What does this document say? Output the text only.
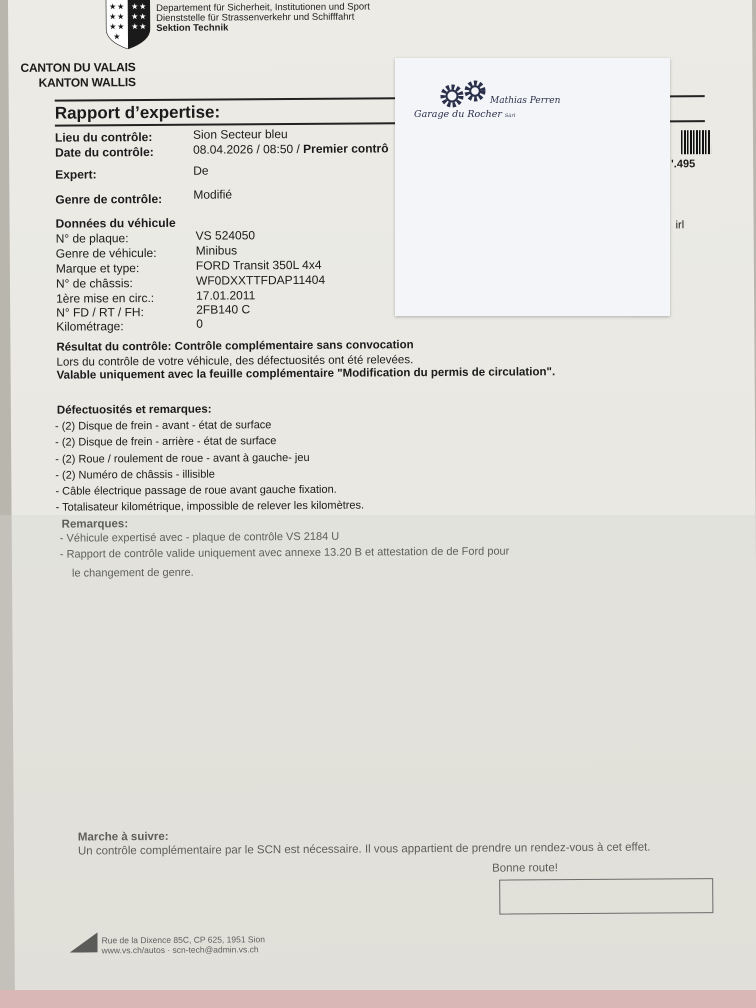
★ ★
★ ★
★ ★
★
★ ★
★ ★
★ ★
Departement für Sicherheit, Institutionen und Sport
Dienststelle für Strassenverkehr und Schifffahrt
Sektion Technik
CANTON DU VALAIS
KANTON WALLIS
Rapport d’expertise:
Lieu du contrôle:	Sion Secteur bleu
Date du contrôle:	08.04.2026 / 08:50 / Premier contrô
Expert:	De
Genre de contrôle:	Modifié
'.495
irl
Données du véhicule
N° de plaque:	VS 524050
Genre de véhicule:	Minibus
Marque et type:	FORD Transit 350L 4x4
N° de châssis:	WF0DXXTTFDAP11404
1ère mise en circ.:	17.01.2011
N° FD / RT / FH:	2FB140 C
Kilométrage:	0
Résultat du contrôle: Contrôle complémentaire sans convocation
Lors du contrôle de votre véhicule, des défectuosités ont été relevées.
Valable uniquement avec la feuille complémentaire "Modification du permis de circulation".
Défectuosités et remarques:
- (2) Disque de frein - avant - état de surface
- (2) Disque de frein - arrière - état de surface
- (2) Roue / roulement de roue - avant à gauche- jeu
- (2) Numéro de châssis - illisible
- Câble électrique passage de roue avant gauche fixation.
- Totalisateur kilométrique, impossible de relever les kilomètres.
Remarques:
- Véhicule expertisé avec - plaque de contrôle VS 2184 U
- Rapport de contrôle valide uniquement avec annexe 13.20 B et attestation de de Ford pour
le changement de genre.
Marche à suivre:
Un contrôle complémentaire par le SCN est nécessaire. Il vous appartient de prendre un rendez-vous à cet effet.
Bonne route!
Rue de la Dixence 85C, CP 625, 1951 Sion
www.vs.ch/autos · scn-tech@admin.vs.ch
Mathias Perren
Garage du Rocher Sàrl
